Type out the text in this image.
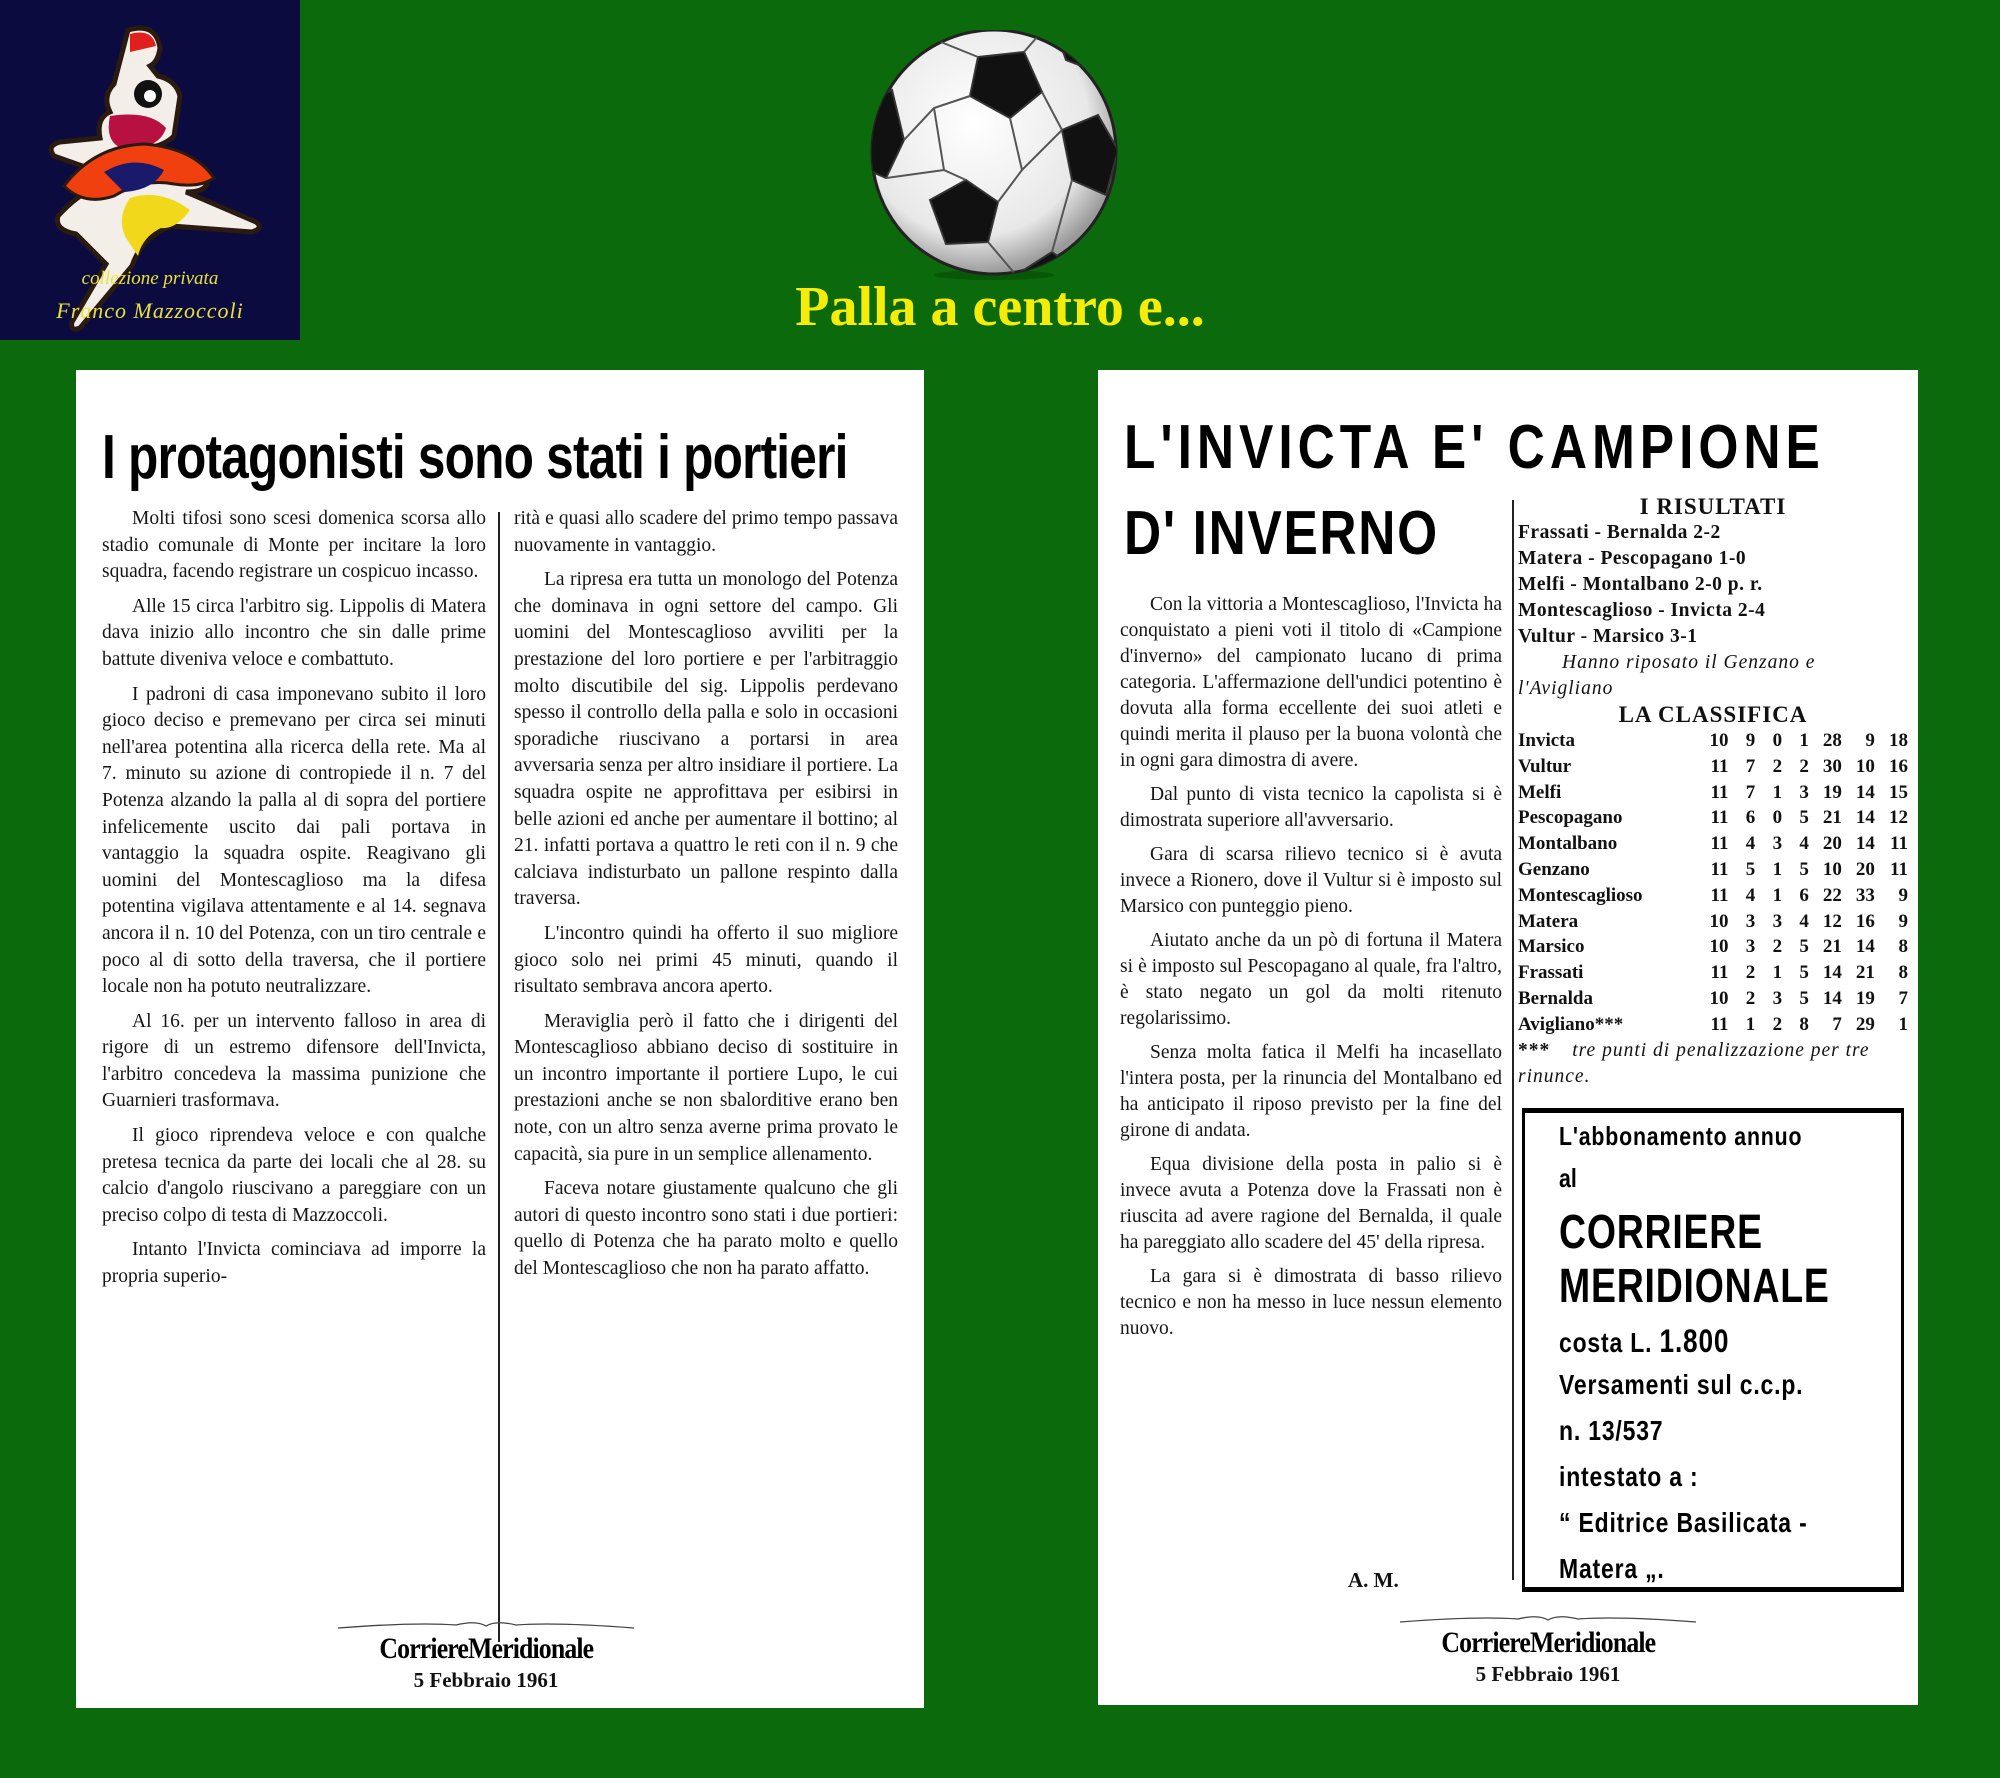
collezione privata
Franco Mazzoccoli	Palla a centro e...
I protagonisti sono stati i portieri

Molti tifosi sono scesi domenica scorsa allo stadio comunale di Monte per incitare la loro squadra, facendo registrare un cospicuo incasso.

Alle 15 circa l'arbitro sig. Lippolis di Matera dava inizio allo incontro che sin dalle prime battute diveniva veloce e combattuto.

I padroni di casa imponevano subito il loro gioco deciso e premevano per circa sei minuti nell'area potentina alla ricerca della rete. Ma al 7. minuto su azione di contropiede il n. 7 del Potenza alzando la palla al di sopra del portiere infelicemente uscito dai pali portava in vantaggio la squadra ospite. Reagivano gli uomini del Montescaglioso ma la difesa potentina vigilava attentamente e al 14. segnava ancora il n. 10 del Potenza, con un tiro centrale e poco al di sotto della traversa, che il portiere locale non ha potuto neutralizzare.

Al 16. per un intervento falloso in area di rigore di un estremo difensore dell'Invicta, l'arbitro concedeva la massima punizione che Guarnieri trasformava.

Il gioco riprendeva veloce e con qualche pretesa tecnica da parte dei locali che al 28. su calcio d'angolo riuscivano a pareggiare con un preciso colpo di testa di Mazzoccoli.

Intanto l'Invicta cominciava ad imporre la propria superio-

rità e quasi allo scadere del primo tempo passava nuovamente in vantaggio.

La ripresa era tutta un monologo del Potenza che dominava in ogni settore del campo. Gli uomini del Montescaglioso avviliti per la prestazione del loro portiere e per l'arbitraggio molto discutibile del sig. Lippolis perdevano spesso il controllo della palla e solo in occasioni sporadiche riuscivano a portarsi in area avversaria senza per altro insidiare il portiere. La squadra ospite ne approfittava per esibirsi in belle azioni ed anche per aumentare il bottino; al 21. infatti portava a quattro le reti con il n. 9 che calciava indisturbato un pallone respinto dalla traversa.

L'incontro quindi ha offerto il suo migliore gioco solo nei primi 45 minuti, quando il risultato sembrava ancora aperto.

Meraviglia però il fatto che i dirigenti del Montescaglioso abbiano deciso di sostituire in un incontro importante il portiere Lupo, le cui prestazioni anche se non sbalorditive erano ben note, con un altro senza averne prima provato le capacità, sia pure in un semplice allenamento.

Faceva notare giustamente qualcuno che gli autori di questo incontro sono stati i due portieri: quello di Potenza che ha parato molto e quello del Montescaglioso che non ha parato affatto.

CorriereMeridionale
5 Febbraio 1961
L'INVICTA E' CAMPIONE
D' INVERNO

Con la vittoria a Montescaglioso, l'Invicta ha conquistato a pieni voti il titolo di «Campione d'inverno» del campionato lucano di prima categoria. L'affermazione dell'undici potentino è dovuta alla forma eccellente dei suoi atleti e quindi merita il plauso per la buona volontà che in ogni gara dimostra di avere.

Dal punto di vista tecnico la capolista si è dimostrata superiore all'avversario.

Gara di scarsa rilievo tecnico si è avuta invece a Rionero, dove il Vultur si è imposto sul Marsico con punteggio pieno.

Aiutato anche da un pò di fortuna il Matera si è imposto sul Pescopagano al quale, fra l'altro, è stato negato un gol da molti ritenuto regolarissimo.

Senza molta fatica il Melfi ha incasellato l'intera posta, per la rinuncia del Montalbano ed ha anticipato il riposo previsto per la fine del girone di andata.

Equa divisione della posta in palio si è invece avuta a Potenza dove la Frassati non è riuscita ad avere ragione del Bernalda, il quale ha pareggiato allo scadere del 45' della ripresa.

La gara si è dimostrata di basso rilievo tecnico e non ha messo in luce nessun elemento nuovo.

A. M.
I RISULTATI
Frassati - Bernalda 2-2
Matera - Pescopagano 1-0
Melfi - Montalbano 2-0 p. r.
Montescaglioso - Invicta 2-4
Vultur - Marsico 3-1
Hanno riposato il Genzano e l'Avigliano
LA CLASSIFICA
Invicta	10	9	0	1	28	9	18
Vultur	11	7	2	2	30	10	16
Melfi	11	7	1	3	19	14	15
Pescopagano	11	6	0	5	21	14	12
Montalbano	11	4	3	4	20	14	11
Genzano	11	5	1	5	10	20	11
Montescaglioso	11	4	1	6	22	33	9
Matera	10	3	3	4	12	16	9
Marsico	10	3	2	5	21	14	8
Frassati	11	2	1	5	14	21	8
Bernalda	10	2	3	5	14	19	7
Avigliano***	11	1	2	8	7	29	1
*** tre punti di penalizzazione per tre rinunce.
L'abbonamento annuo
al
CORRIERE
MERIDIONALE
costa L. 1.800
Versamenti sul c.c.p.
n. 13/537
intestato a :
“ Editrice Basilicata -
Matera „.
CorriereMeridionale
5 Febbraio 1961
